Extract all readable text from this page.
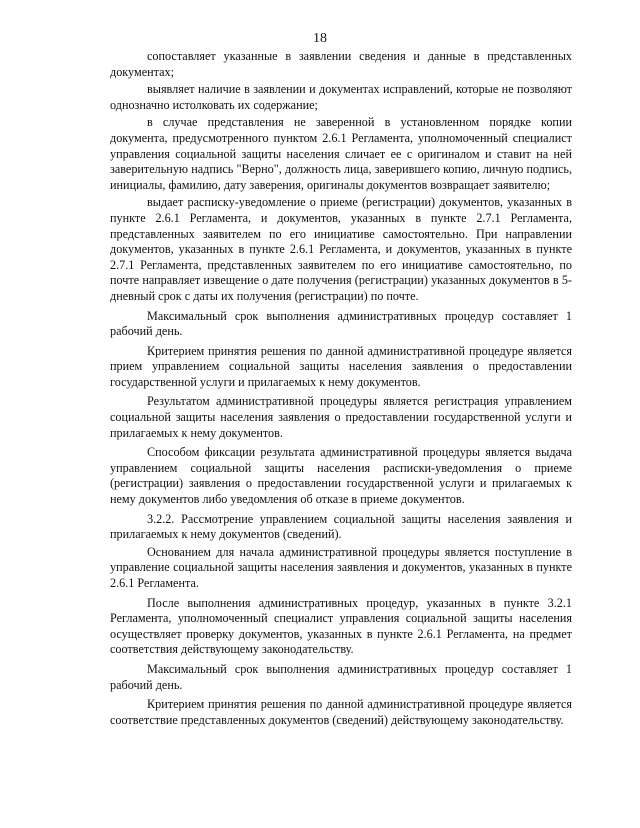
18

сопоставляет указанные в заявлении сведения и данные в представленных документах;

выявляет наличие в заявлении и документах исправлений, которые не позволяют однозначно истолковать их содержание;

в случае представления не заверенной в установленном порядке копии документа, предусмотренного пунктом 2.6.1 Регламента, уполномоченный специалист управления социальной защиты населения сличает ее с оригиналом и ставит на ней заверительную надпись "Верно", должность лица, заверившего копию, личную подпись, инициалы, фамилию, дату заверения, оригиналы документов возвращает заявителю;

выдает расписку-уведомление о приеме (регистрации) документов, указанных в пункте 2.6.1 Регламента, и документов, указанных в пункте 2.7.1 Регламента, представленных заявителем по его инициативе самостоятельно. При направлении документов, указанных в пункте 2.6.1 Регламента, и документов, указанных в пункте 2.7.1 Регламента, представленных заявителем по его инициативе самостоятельно, по почте направляет извещение о дате получения (регистрации) указанных документов в 5-дневный срок с даты их получения (регистрации) по почте.

Максимальный срок выполнения административных процедур составляет 1 рабочий день.

Критерием принятия решения по данной административной процедуре является прием управлением социальной защиты населения заявления о предоставлении государственной услуги и прилагаемых к нему документов.

Результатом административной процедуры является регистрация управлением социальной защиты населения заявления о предоставлении государственной услуги и прилагаемых к нему документов.

Способом фиксации результата административной процедуры является выдача управлением социальной защиты населения расписки-уведомления о приеме (регистрации) заявления о предоставлении государственной услуги и прилагаемых к нему документов либо уведомления об отказе в приеме документов.

3.2.2. Рассмотрение управлением социальной защиты населения заявления и прилагаемых к нему документов (сведений).

Основанием для начала административной процедуры является поступление в управление социальной защиты населения заявления и документов, указанных в пункте 2.6.1 Регламента.

После выполнения административных процедур, указанных в пункте 3.2.1 Регламента, уполномоченный специалист управления социальной защиты населения осуществляет проверку документов, указанных в пункте 2.6.1 Регламента, на предмет соответствия действующему законодательству.

Максимальный срок выполнения административных процедур составляет 1 рабочий день.

Критерием принятия решения по данной административной процедуре является соответствие представленных документов (сведений) действующему законодательству.
